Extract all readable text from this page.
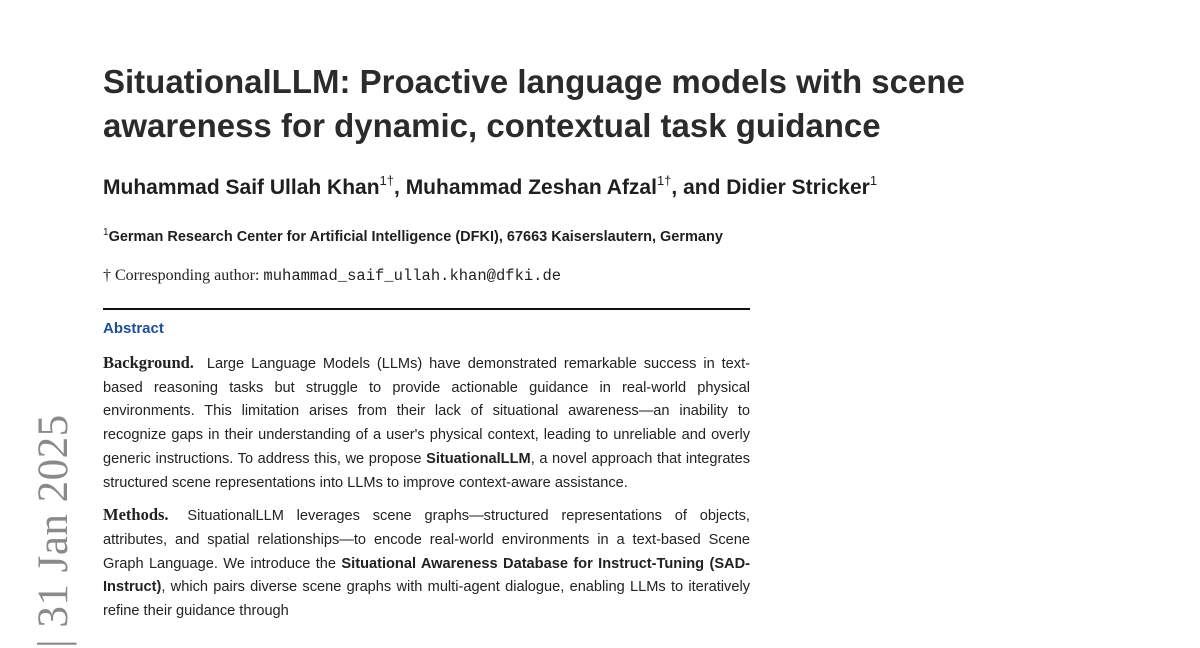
SituationalLLM: Proactive language models with scene awareness for dynamic, contextual task guidance
Muhammad Saif Ullah Khan$^{1\dagger}$, Muhammad Zeshan Afzal$^{1\dagger}$, and Didier Stricker$^1$
$^1$German Research Center for Artificial Intelligence (DFKI), 67663 Kaiserslautern, Germany
† Corresponding author: muhammad_saif_ullah.khan@dfki.de
Abstract

Background. Large Language Models (LLMs) have demonstrated remarkable success in text-based reasoning tasks but struggle to provide actionable guidance in real-world physical environments. This limitation arises from their lack of situational awareness—an inability to recognize gaps in their understanding of a user's physical context, leading to unreliable and overly generic instructions. To address this, we propose SituationalLLM, a novel approach that integrates structured scene representations into LLMs to improve context-aware assistance.

Methods. SituationalLLM leverages scene graphs—structured representations of objects, attributes, and spatial relationships—to encode real-world environments in a text-based Scene Graph Language. We introduce the Situational Awareness Database for Instruct-Tuning (SAD-Instruct), which pairs diverse scene graphs with multi-agent dialogue, enabling LLMs to iteratively refine their guidance through

| 31 Jan 2025
